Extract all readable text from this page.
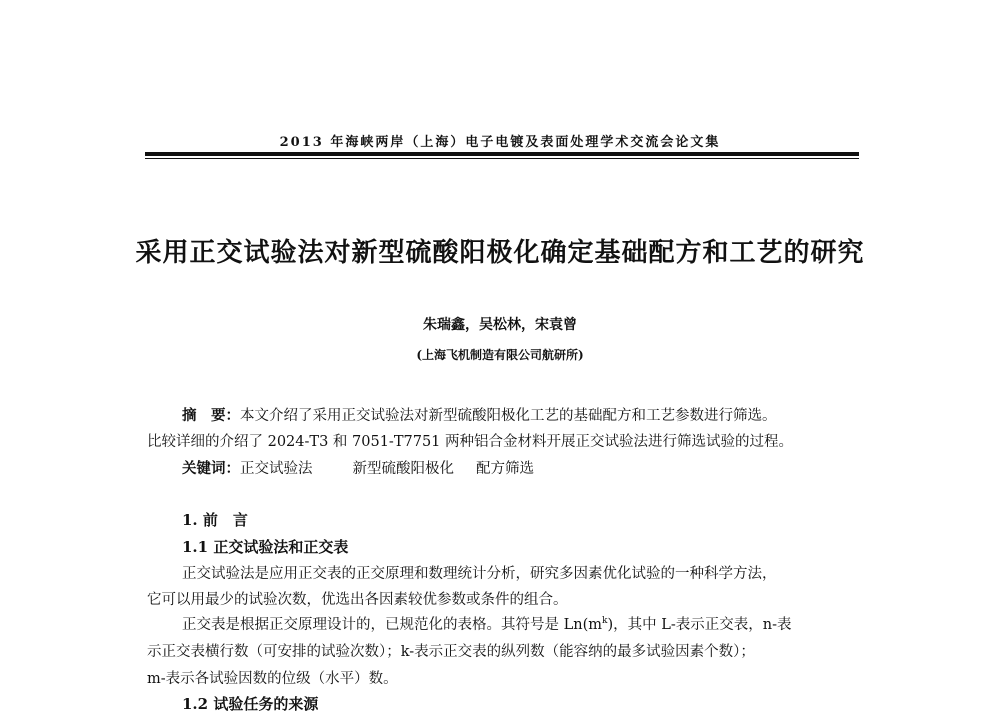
2013 年海峡两岸（上海）电子电镀及表面处理学术交流会论文集
采用正交试验法对新型硫酸阳极化确定基础配方和工艺的研究
朱瑞鑫，吴松林，宋袁曾
(上海飞机制造有限公司航研所)
摘　要：本文介绍了采用正交试验法对新型硫酸阳极化工艺的基础配方和工艺参数进行筛选。
比较详细的介绍了 2024-T3 和 7051-T7751 两种铝合金材料开展正交试验法进行筛选试验的过程。
关键词：正交试验法	新型硫酸阳极化 配方筛选
1. 前　言
1.1 正交试验法和正交表
正交试验法是应用正交表的正交原理和数理统计分析，研究多因素优化试验的一种科学方法，
它可以用最少的试验次数，优选出各因素较优参数或条件的组合。
正交表是根据正交原理设计的，已规范化的表格。其符号是 $Ln(m^k)$，其中 L-表示正交表，n-表
示正交表横行数（可安排的试验次数）；k-表示正交表的纵列数（能容纳的最多试验因素个数）；
m-表示各试验因数的位级（水平）数。
1.2 试验任务的来源
